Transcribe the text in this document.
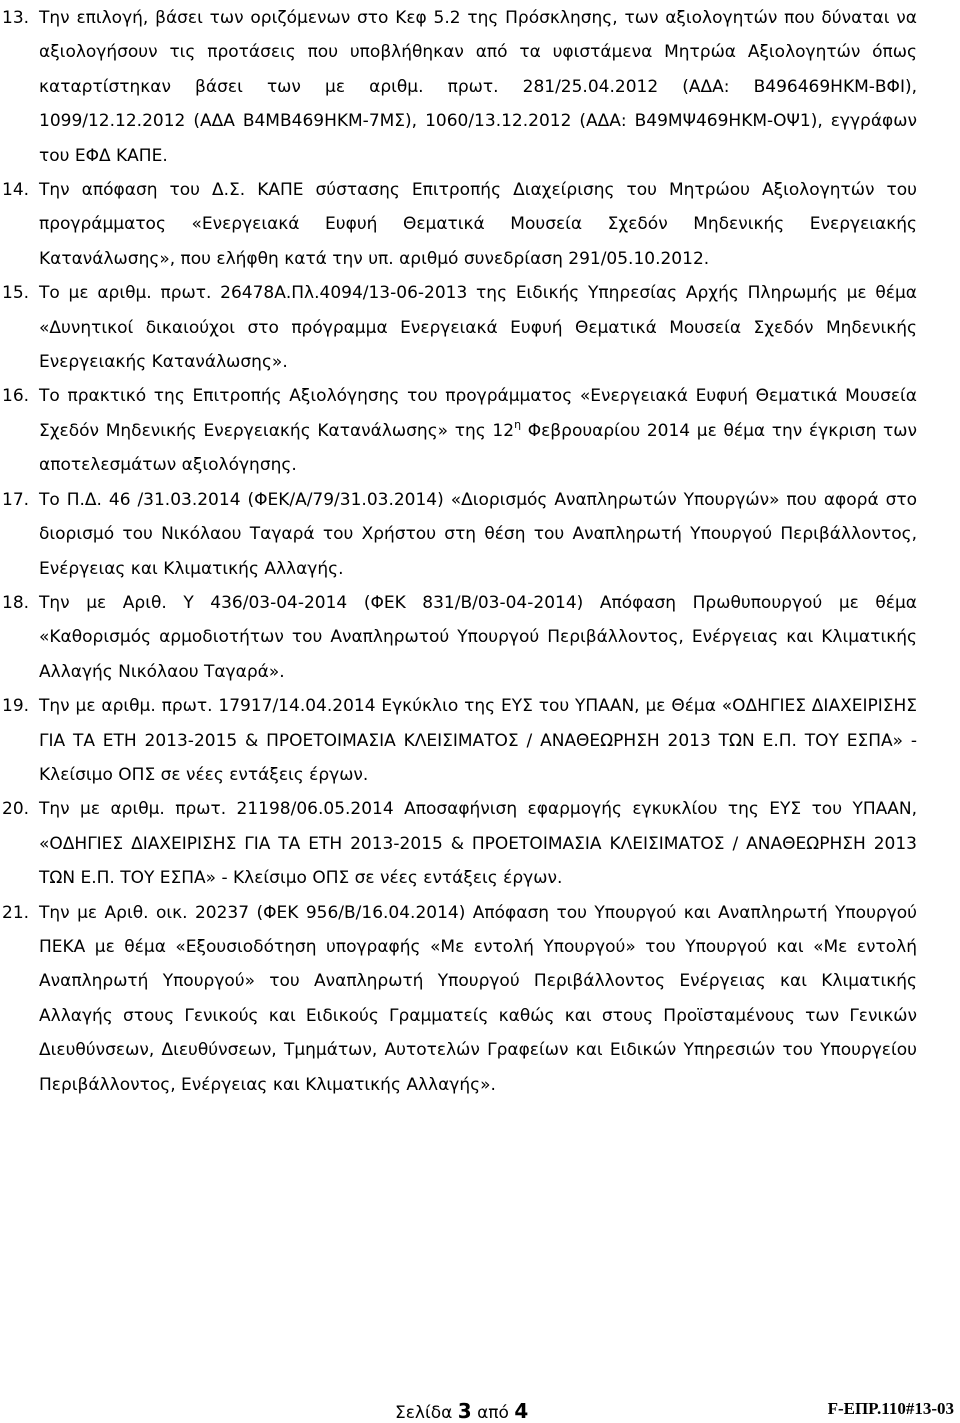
13. Την επιλογή, βάσει των οριζόμενων στο Κεφ 5.2 της Πρόσκλησης, των αξιολογητών που δύναται να αξιολογήσουν τις προτάσεις που υποβλήθηκαν από τα υφιστάμενα Μητρώα Αξιολογητών όπως καταρτίστηκαν βάσει των με αριθμ. πρωτ. 281/25.04.2012 (ΑΔΑ: Β496469ΗΚΜ-ΒΦΙ), 1099/12.12.2012 (ΑΔΑ Β4ΜΒ469ΗΚΜ-7ΜΣ), 1060/13.12.2012 (ΑΔΑ: Β49ΜΨ469ΗΚΜ-ΟΨ1), εγγράφων του ΕΦΔ ΚΑΠΕ.
14. Την απόφαση του Δ.Σ. ΚΑΠΕ σύστασης Επιτροπής Διαχείρισης του Μητρώου Αξιολογητών του προγράμματος «Ενεργειακά Ευφυή Θεματικά Μουσεία Σχεδόν Μηδενικής Ενεργειακής Κατανάλωσης», που ελήφθη κατά την υπ. αριθμό συνεδρίαση 291/05.10.2012.
15. Το με αριθμ. πρωτ. 26478Α.Πλ.4094/13-06-2013 της Ειδικής Υπηρεσίας Αρχής Πληρωμής με θέμα «Δυνητικοί δικαιούχοι στο πρόγραμμα Ενεργειακά Ευφυή Θεματικά Μουσεία Σχεδόν Μηδενικής Ενεργειακής Κατανάλωσης».
16. Το πρακτικό της Επιτροπής Αξιολόγησης του προγράμματος «Ενεργειακά Ευφυή Θεματικά Μουσεία Σχεδόν Μηδενικής Ενεργειακής Κατανάλωσης» της $12^\eta$ Φεβρουαρίου 2014 με θέμα την έγκριση των αποτελεσμάτων αξιολόγησης.
17. Το Π.Δ. 46 /31.03.2014 (ΦΕΚ/Α/79/31.03.2014) «Διορισμός Αναπληρωτών Υπουργών» που αφορά στο διορισμό του Νικόλαου Ταγαρά του Χρήστου στη θέση του Αναπληρωτή Υπουργού Περιβάλλοντος, Ενέργειας και Κλιματικής Αλλαγής.
18. Την με Αριθ. Υ 436/03-04-2014 (ΦΕΚ 831/Β/03-04-2014) Απόφαση Πρωθυπουργού με θέμα «Καθορισμός αρμοδιοτήτων του Αναπληρωτού Υπουργού Περιβάλλοντος, Ενέργειας και Κλιματικής Αλλαγής Νικόλαου Ταγαρά».
19. Την με αριθμ. πρωτ. 17917/14.04.2014 Εγκύκλιο της ΕΥΣ του ΥΠΑΑΝ, με Θέμα «ΟΔΗΓΙΕΣ ΔΙΑΧΕΙΡΙΣΗΣ ΓΙΑ ΤΑ ΕΤΗ 2013-2015 & ΠΡΟΕΤΟΙΜΑΣΙΑ ΚΛΕΙΣΙΜΑΤΟΣ / ΑΝΑΘΕΩΡΗΣΗ 2013 ΤΩΝ Ε.Π. ΤΟΥ ΕΣΠΑ» - Κλείσιμο ΟΠΣ σε νέες εντάξεις έργων.
20. Την με αριθμ. πρωτ. 21198/06.05.2014 Αποσαφήνιση εφαρμογής εγκυκλίου της ΕΥΣ του ΥΠΑΑΝ, «ΟΔΗΓΙΕΣ ΔΙΑΧΕΙΡΙΣΗΣ ΓΙΑ ΤΑ ΕΤΗ 2013-2015 & ΠΡΟΕΤΟΙΜΑΣΙΑ ΚΛΕΙΣΙΜΑΤΟΣ / ΑΝΑΘΕΩΡΗΣΗ 2013 ΤΩΝ Ε.Π. ΤΟΥ ΕΣΠΑ» - Κλείσιμο ΟΠΣ σε νέες εντάξεις έργων.
21. Την με Αριθ. οικ. 20237 (ΦΕΚ 956/Β/16.04.2014) Απόφαση του Υπουργού και Αναπληρωτή Υπουργού ΠΕΚΑ με θέμα «Εξουσιοδότηση υπογραφής «Με εντολή Υπουργού» του Υπουργού και «Με εντολή Αναπληρωτή Υπουργού» του Αναπληρωτή Υπουργού Περιβάλλοντος Ενέργειας και Κλιματικής Αλλαγής στους Γενικούς και Ειδικούς Γραμματείς καθώς και στους Προϊσταμένους των Γενικών Διευθύνσεων, Διευθύνσεων, Τμημάτων, Αυτοτελών Γραφείων και Ειδικών Υπηρεσιών του Υπουργείου Περιβάλλοντος, Ενέργειας και Κλιματικής Αλλαγής».
Σελίδα 3 από 4	F-ΕΠΡ.110#13-03
